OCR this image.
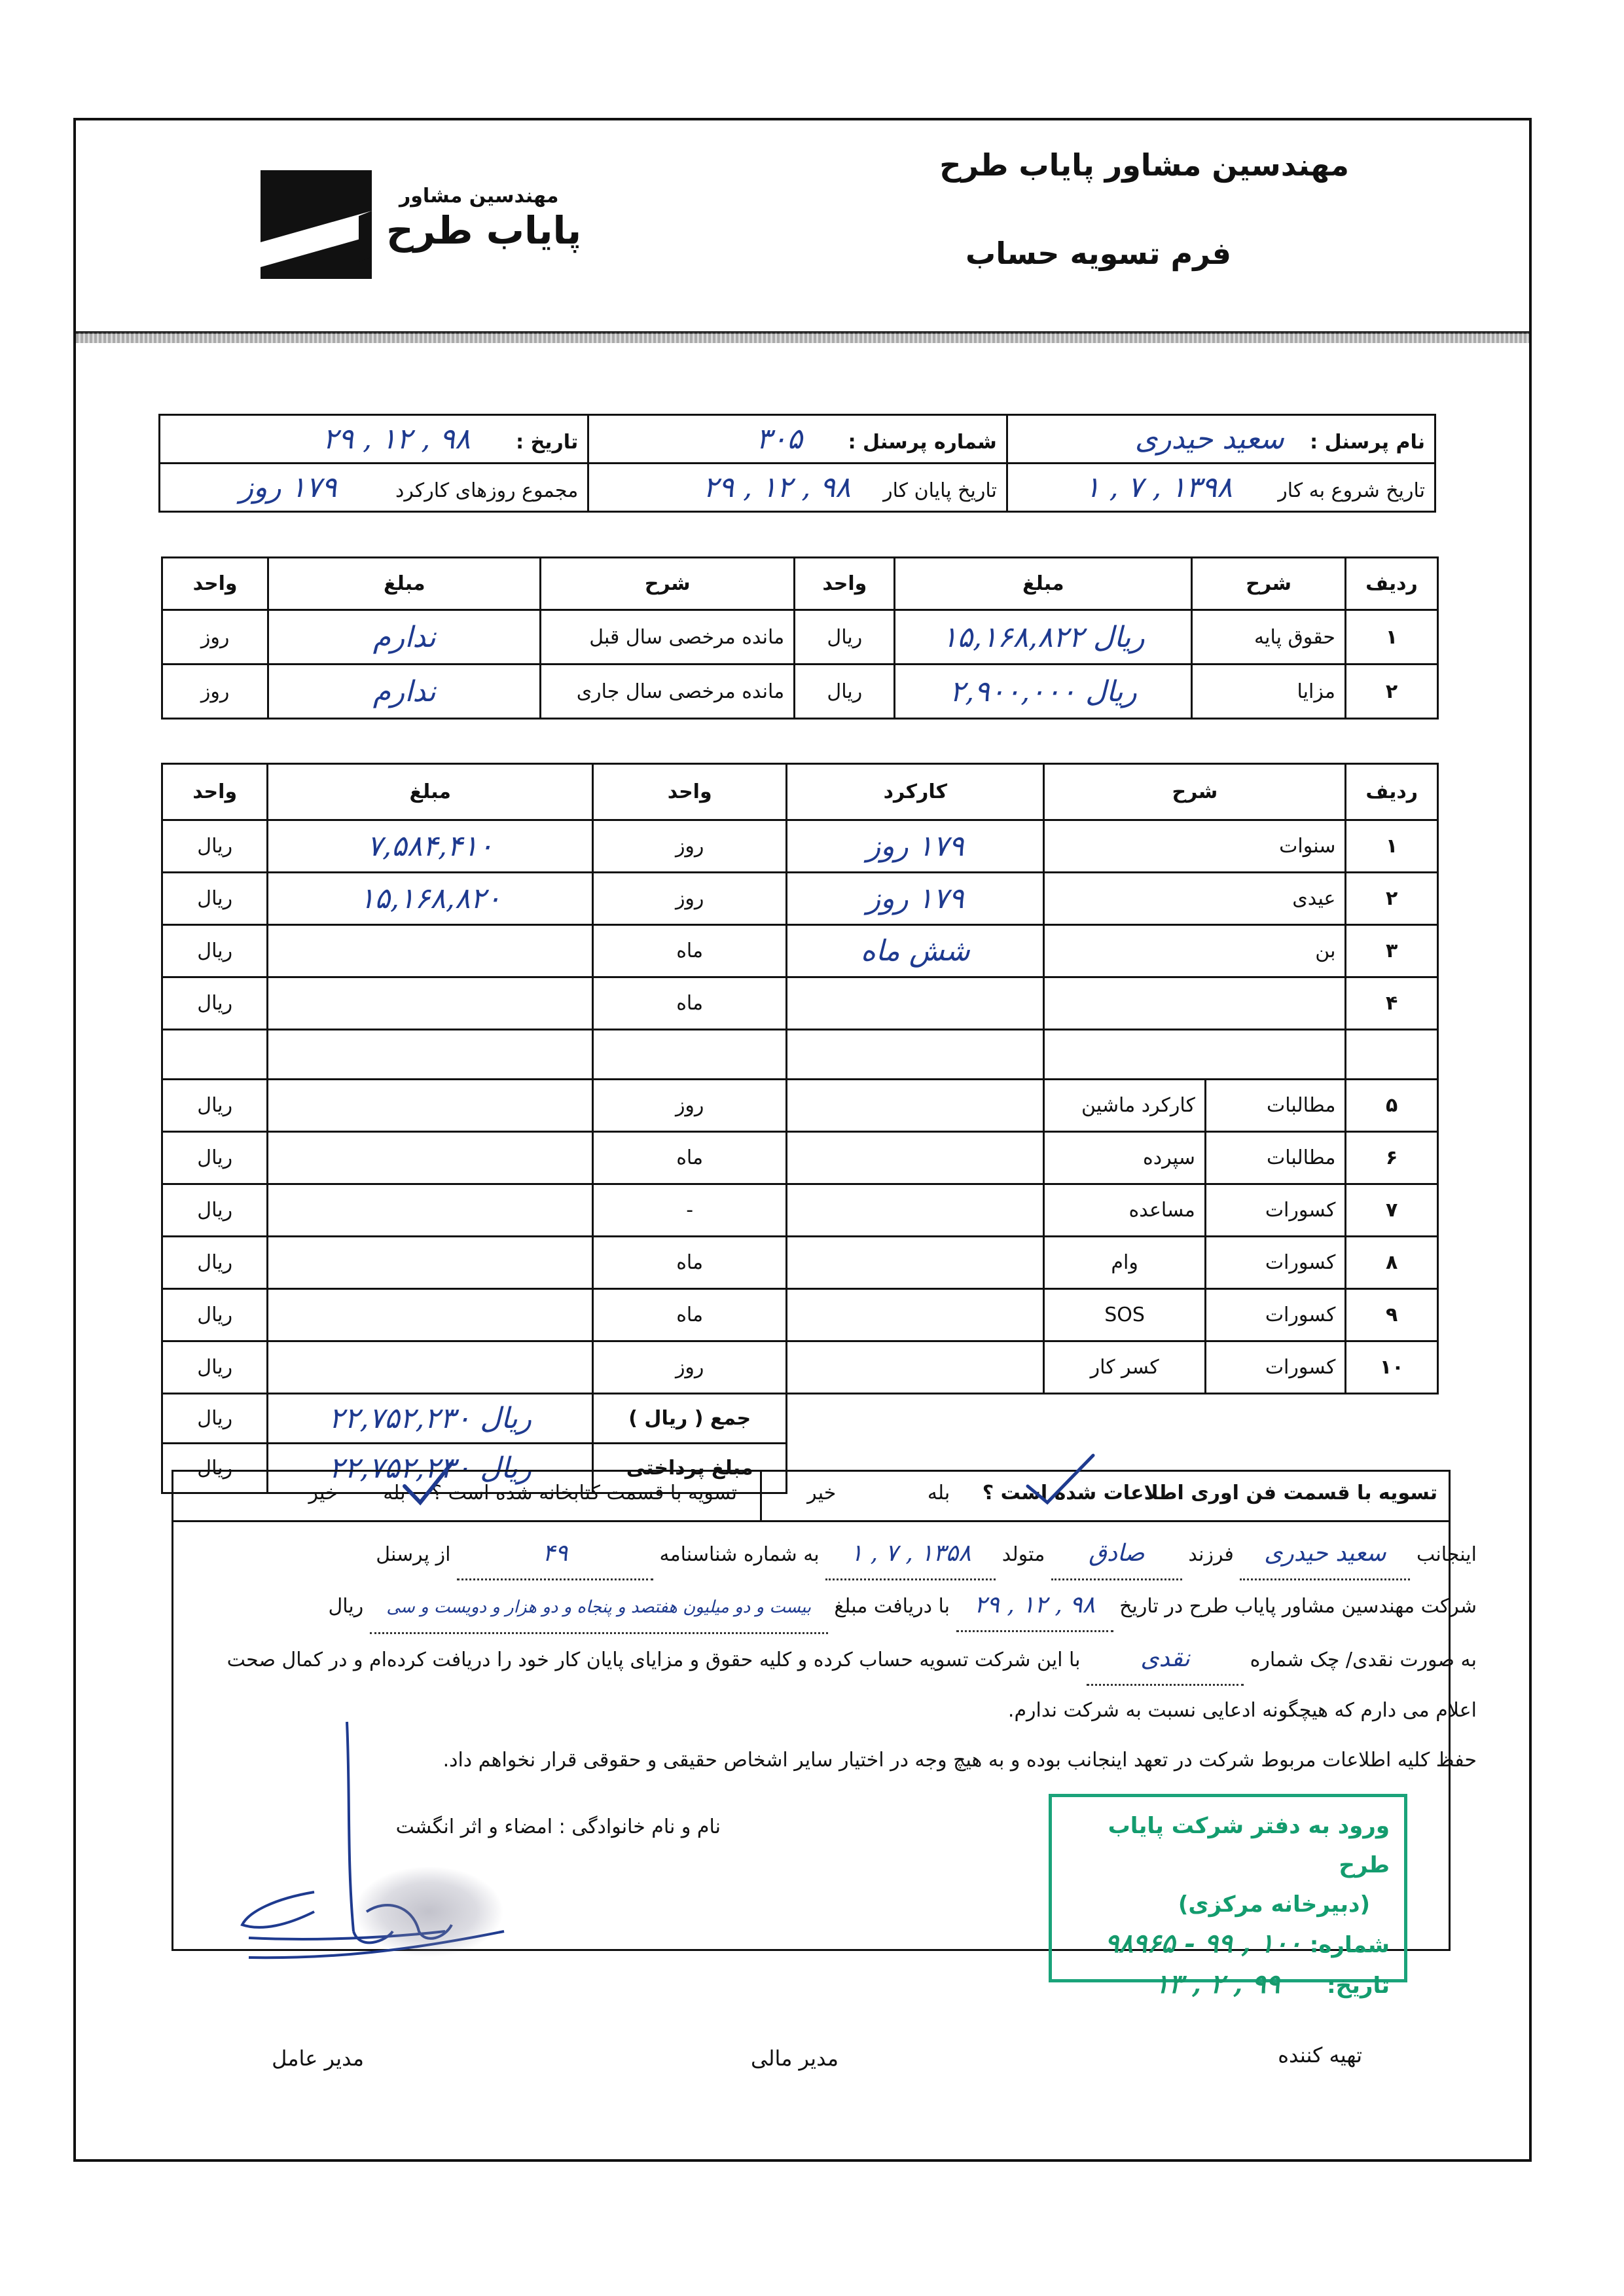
مهندسین مشاور پایاب طرح
فرم تسویه حساب
مهندسین مشاور
پایاب طرح
نام پرسنل : سعید حیدری	شماره پرسنل : ۳۰۵	تاریخ : ۹۸ , ۱۲ , ۲۹
تاریخ شروع به کار ۱۳۹۸ , ۷ , ۱	تاریخ پایان کار ۹۸ , ۱۲ , ۲۹	مجموع روزهای کارکرد ۱۷۹ روز
ردیف	شرح	مبلغ	واحد	شرح	مبلغ	واحد
۱	حقوق پایه	ریال ۱۵,۱۶۸,۸۲۲	ریال	مانده مرخصی سال قبل	ندارم	روز
۲	مزایا	ریال ۲,۹۰۰,۰۰۰	ریال	مانده مرخصی سال جاری	ندارم	روز
ردیف	شرح		کارکرد	واحد	مبلغ	واحد
۱	سنوات		۱۷۹ روز	روز	۷,۵۸۴,۴۱۰	ریال
۲	عیدی		۱۷۹ روز	روز	۱۵,۱۶۸,۸۲۰	ریال
۳	بن		شش ماه	ماه		ریال
۴				ماه		ریال

۵	مطالبات	کارکرد ماشین		روز		ریال
۶	مطالبات	سپرده		ماه		ریال
۷	کسورات	مساعده		-		ریال
۸	کسورات	وام		ماه		ریال
۹	کسورات	SOS		ماه		ریال
۱۰	کسورات	کسر کار		روز		ریال
				جمع ( ریال )	ریال ۲۲,۷۵۲,۲۳۰	ریال
				مبلغ پرداختی	ریال ۲۲,۷۵۲,۲۳۰	ریال
تسویه با قسمت فن اوری اطلاعات شده است ؟ بله خیر
تسویه با قسمت کتابخانه شده است ؟ بله خیر
اینجانب سعید حیدری فرزند صادق متولد ۱۳۵۸ , ۷ , ۱ به شماره شناسنامه ۴۹ از پرسنل
شرکت مهندسین مشاور پایاب طرح در تاریخ ۹۸ , ۱۲ , ۲۹ با دریافت مبلغ بیست و دو میلیون هفتصد و پنجاه و دو هزار و دویست و سی ریال
به صورت نقدی/ چک شماره نقدی با این شرکت تسویه حساب کرده و کلیه حقوق و مزایای پایان کار خود را دریافت کرده‌ام و در کمال صحت
اعلام می دارم که هیچگونه ادعایی نسبت به شرکت ندارم.
حفظ کلیه اطلاعات مربوط شرکت در تعهد اینجانب بوده و به هیچ وجه در اختیار سایر اشخاص حقیقی و حقوقی قرار نخواهم داد.
نام و نام خانوادگی : امضاء و اثر انگشت	ورود به دفتر شرکت پایاب طرح
(دبیرخانه مرکزی)
شماره: ۱۰۰ , ۹۹ - ۹۸۹۶۵
تاریخ: ۹۹ , ۲ , ۱۳
تهیه کننده
مدیر مالی
مدیر عامل
